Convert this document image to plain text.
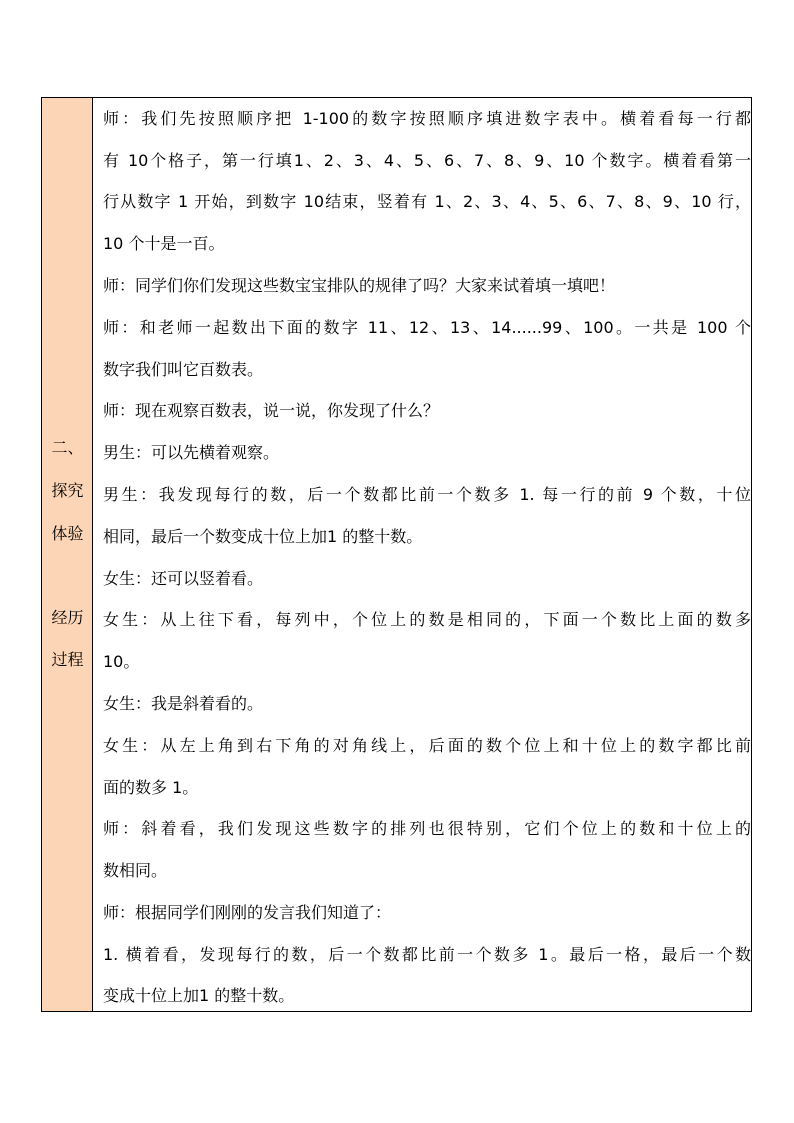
二、
探究
体验
经历
过程
师：我们先按照顺序把 1-100的数字按照顺序填进数字表中。横着看每一行都
有 10个格子，第一行填1、2、3、4、5、6、7、8、9、10 个数字。横着看第一
行从数字 1 开始，到数字 10结束，竖着有 1、2、3、4、5、6、7、8、9、10 行，
10 个十是一百。
师：同学们你们发现这些数宝宝排队的规律了吗？大家来试着填一填吧！
师：和老师一起数出下面的数字 11、12、13、14......99、100。一共是 100 个
数字我们叫它百数表。
师：现在观察百数表，说一说，你发现了什么？
男生：可以先横着观察。
男生：我发现每行的数，后一个数都比前一个数多 1. 每一行的前 9 个数，十位
相同，最后一个数变成十位上加1 的整十数。
女生：还可以竖着看。
女生：从上往下看，每列中，个位上的数是相同的，下面一个数比上面的数多
10。
女生：我是斜着看的。
女生：从左上角到右下角的对角线上，后面的数个位上和十位上的数字都比前
面的数多 1。
师：斜着看，我们发现这些数字的排列也很特别，它们个位上的数和十位上的
数相同。
师：根据同学们刚刚的发言我们知道了：
1. 横着看，发现每行的数，后一个数都比前一个数多 1。最后一格，最后一个数
变成十位上加1 的整十数。
